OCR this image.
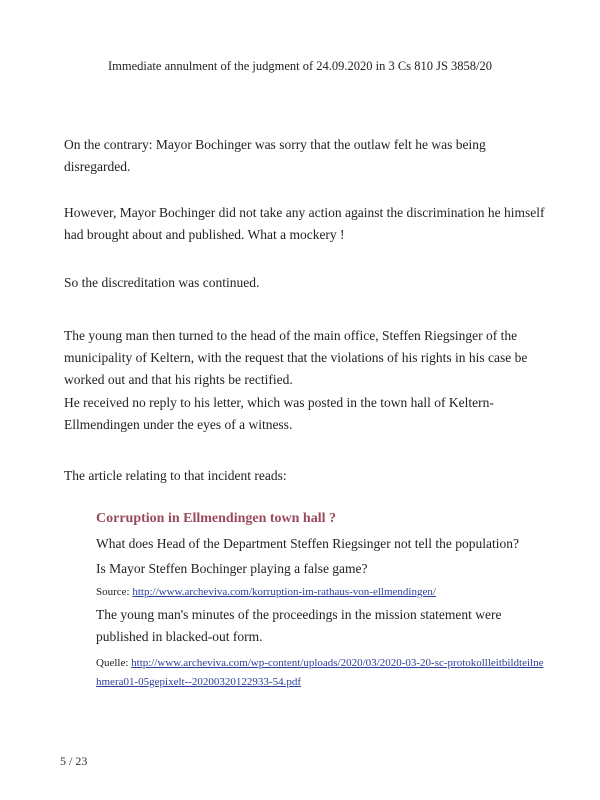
Immediate annulment of the judgment of 24.09.2020 in 3 Cs 810 JS 3858/20

On the contrary: Mayor Bochinger was sorry that the outlaw felt he was being disregarded.

However, Mayor Bochinger did not take any action against the discrimination he himself had brought about and published. What a mockery !

So the discreditation was continued.

The young man then turned to the head of the main office, Steffen Riegsinger of the municipality of Keltern, with the request that the violations of his rights in his case be worked out and that his rights be rectified.

He received no reply to his letter, which was posted in the town hall of Keltern-Ellmendingen under the eyes of a witness.

The article relating to that incident reads:

Corruption in Ellmendingen town hall ?
What does Head of the Department Steffen Riegsinger not tell the population?
Is Mayor Steffen Bochinger playing a false game?
Source: http://www.archeviva.com/korruption-im-rathaus-von-ellmendingen/
The young man's minutes of the proceedings in the mission statement were published in blacked-out form.
Quelle: http://www.archeviva.com/wp-content/uploads/2020/03/2020-03-20-sc-protokollleitbildteilnehmera01-05gepixelt--20200320122933-54.pdf
5 / 23
